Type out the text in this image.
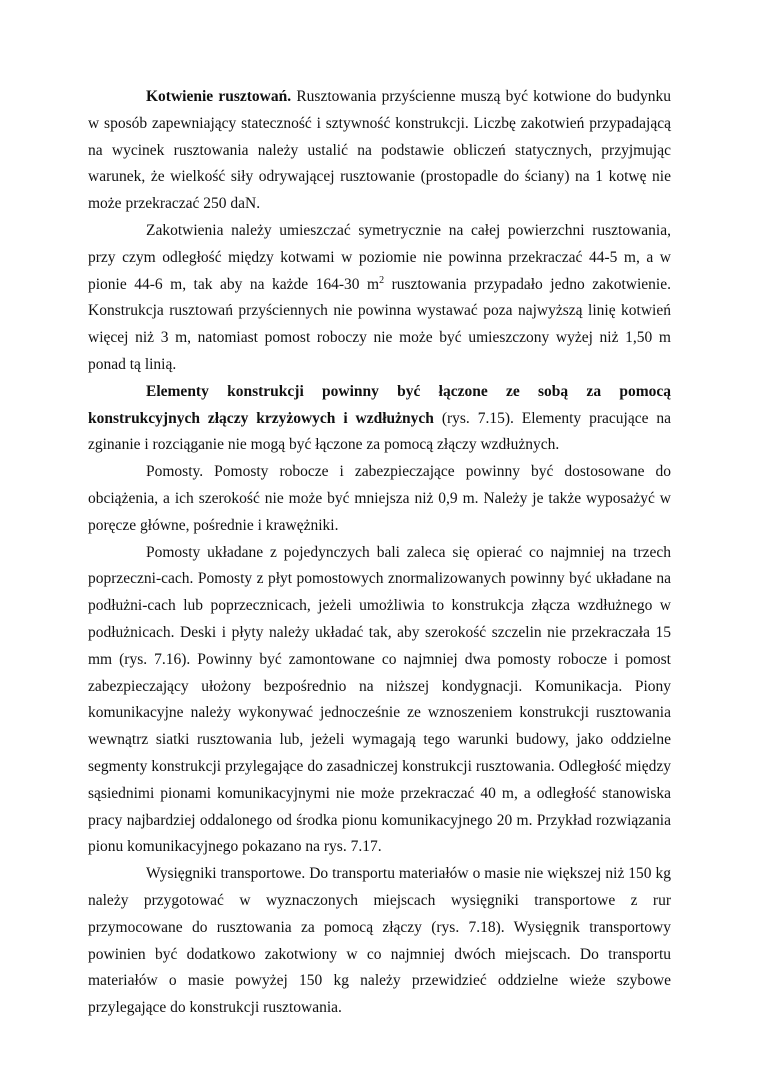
Kotwienie rusztowań. Rusztowania przyścienne muszą być kotwione do budynku w sposób zapewniający stateczność i sztywność konstrukcji. Liczbę zakotwień przypadającą na wycinek rusztowania należy ustalić na podstawie obliczeń statycznych, przyjmując warunek, że wielkość siły odrywającej rusztowanie (prostopadle do ściany) na 1 kotwę nie może przekraczać 250 daN.

Zakotwienia należy umieszczać symetrycznie na całej powierzchni rusztowania, przy czym odległość między kotwami w poziomie nie powinna przekraczać 44-5 m, a w pionie 44-6 m, tak aby na każde 164-30 $m^2$ rusztowania przypadało jedno zakotwienie. Konstrukcja rusztowań przyściennych nie powinna wystawać poza najwyższą linię kotwień więcej niż 3 m, natomiast pomost roboczy nie może być umieszczony wyżej niż 1,50 m ponad tą linią.

Elementy konstrukcji powinny być łączone ze sobą za pomocą konstrukcyjnych złączy krzyżowych i wzdłużnych (rys. 7.15). Elementy pracujące na zginanie i rozciąganie nie mogą być łączone za pomocą złączy wzdłużnych.

Pomosty. Pomosty robocze i zabezpieczające powinny być dostosowane do obciążenia, a ich szerokość nie może być mniejsza niż 0,9 m. Należy je także wyposażyć w poręcze główne, pośrednie i krawężniki.

Pomosty układane z pojedynczych bali zaleca się opierać co najmniej na trzech poprzeczni-cach. Pomosty z płyt pomostowych znormalizowanych powinny być układane na podłużni-cach lub poprzecznicach, jeżeli umożliwia to konstrukcja złącza wzdłużnego w podłużnicach. Deski i płyty należy układać tak, aby szerokość szczelin nie przekraczała 15 mm (rys. 7.16). Powinny być zamontowane co najmniej dwa pomosty robocze i pomost zabezpieczający ułożony bezpośrednio na niższej kondygnacji. Komunikacja. Piony komunikacyjne należy wykonywać jednocześnie ze wznoszeniem konstrukcji rusztowania wewnątrz siatki rusztowania lub, jeżeli wymagają tego warunki budowy, jako oddzielne segmenty konstrukcji przylegające do zasadniczej konstrukcji rusztowania. Odległość między sąsiednimi pionami komunikacyjnymi nie może przekraczać 40 m, a odległość stanowiska pracy najbardziej oddalonego od środka pionu komunikacyjnego 20 m. Przykład rozwiązania pionu komunikacyjnego pokazano na rys. 7.17.

Wysięgniki transportowe. Do transportu materiałów o masie nie większej niż 150 kg należy przygotować w wyznaczonych miejscach wysięgniki transportowe z rur przymocowane do rusztowania za pomocą złączy (rys. 7.18). Wysięgnik transportowy powinien być dodatkowo zakotwiony w co najmniej dwóch miejscach. Do transportu materiałów o masie powyżej 150 kg należy przewidzieć oddzielne wieże szybowe przylegające do konstrukcji rusztowania.
